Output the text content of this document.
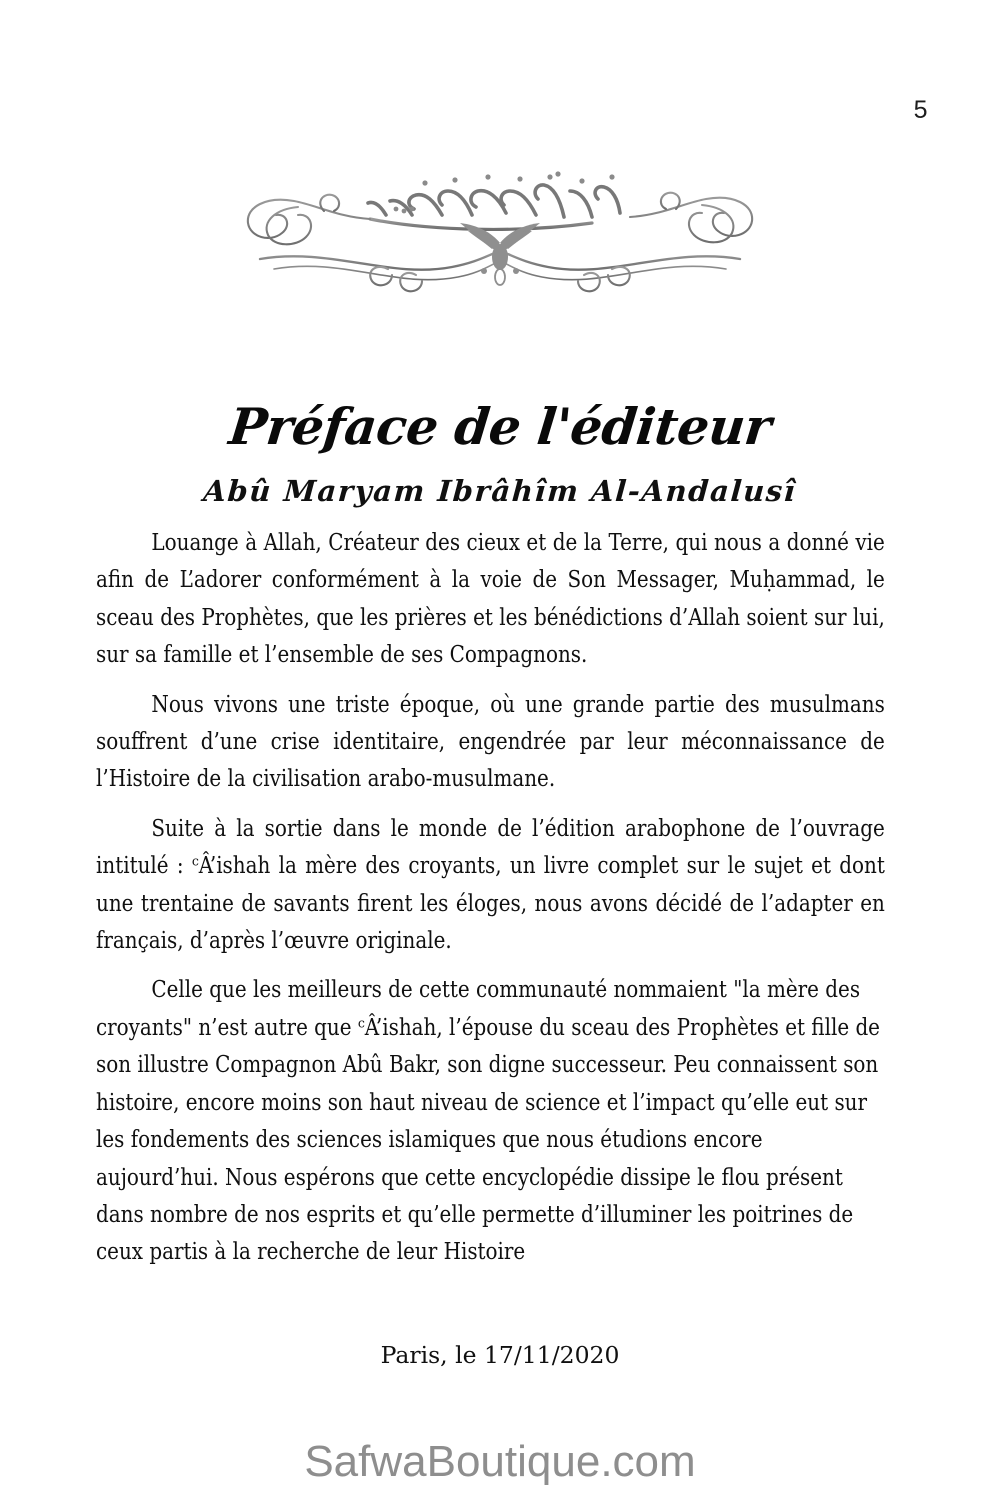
5
Préface de l'éditeur
Abû Maryam Ibrâhîm Al-Andalusî

Louange à Allah, Créateur des cieux et de la Terre, qui nous a donné vie afin de L’adorer conformément à la voie de Son Messager, Muḥammad, le sceau des Prophètes, que les prières et les bénédictions d’Allah soient sur lui, sur sa famille et l’ensemble de ses Compagnons.

Nous vivons une triste époque, où une grande partie des musulmans souffrent d’une crise identitaire, engendrée par leur méconnaissance de l’Histoire de la civilisation arabo-musulmane.

Suite à la sortie dans le monde de l’édition arabophone de l’ouvrage intitulé : ᶜÂ’ishah la mère des croyants, un livre complet sur le sujet et dont une trentaine de savants firent les éloges, nous avons décidé de l’adapter en français, d’après l’œuvre originale.

Celle que les meilleurs de cette communauté nommaient "la mère des croyants" n’est autre que ᶜÂ’ishah, l’épouse du sceau des Prophètes et fille de son illustre Compagnon Abû Bakr, son digne successeur. Peu connaissent son histoire, encore moins son haut niveau de science et l’impact qu’elle eut sur les fondements des sciences islamiques que nous étudions encore aujourd’hui. Nous espérons que cette encyclopédie dissipe le flou présent dans nombre de nos esprits et qu’elle permette d’illuminer les poitrines de ceux partis à la recherche de leur Histoire

Paris, le 17/11/2020
SafwaBoutique.com
